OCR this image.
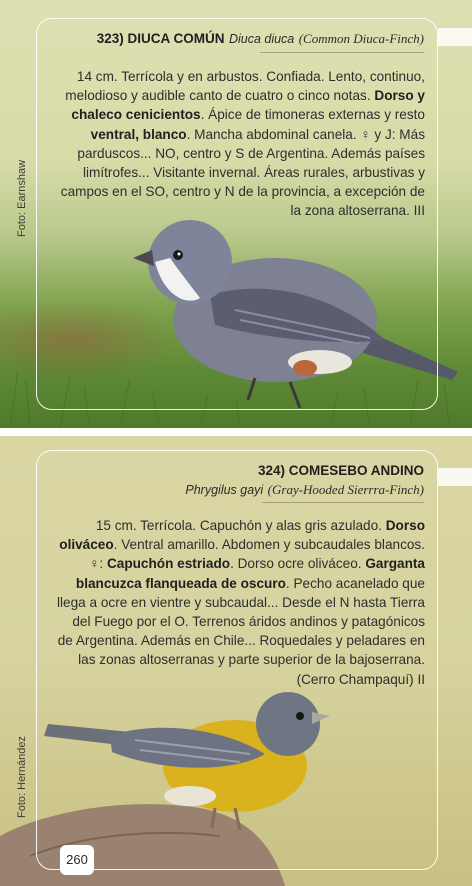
323) DIUCA COMÚN Diuca diuca (Common Diuca-Finch)
14 cm. Terrícola y en arbustos. Confiada. Lento, continuo,
melodioso y audible canto de cuatro o cinco notas. Dorso y
chaleco cenicientos. Ápice de timoneras externas y resto
ventral, blanco. Mancha abdominal canela. ♀ y J: Más
parduscos... NO, centro y S de Argentina. Además países
limítrofes... Visitante invernal. Áreas rurales, arbustivas y
campos en el SO, centro y N de la provincia, a excepción de
la zona altoserrana. III
Foto: Earnshaw
324) COMESEBO ANDINO
Phrygilus gayi (Gray-Hooded Sierrra-Finch)
15 cm. Terrícola. Capuchón y alas gris azulado. Dorso
oliváceo. Ventral amarillo. Abdomen y subcaudales blancos.
♀: Capuchón estriado. Dorso ocre oliváceo. Garganta
blancuzca flanqueada de oscuro. Pecho acanelado que
llega a ocre en vientre y subcaudal... Desde el N hasta Tierra
del Fuego por el O. Terrenos áridos andinos y patagónicos
de Argentina. Además en Chile... Roquedales y peladares en
las zonas altoserranas y parte superior de la bajoserrana.
(Cerro Champaquí) II
Foto: Hernández
260
